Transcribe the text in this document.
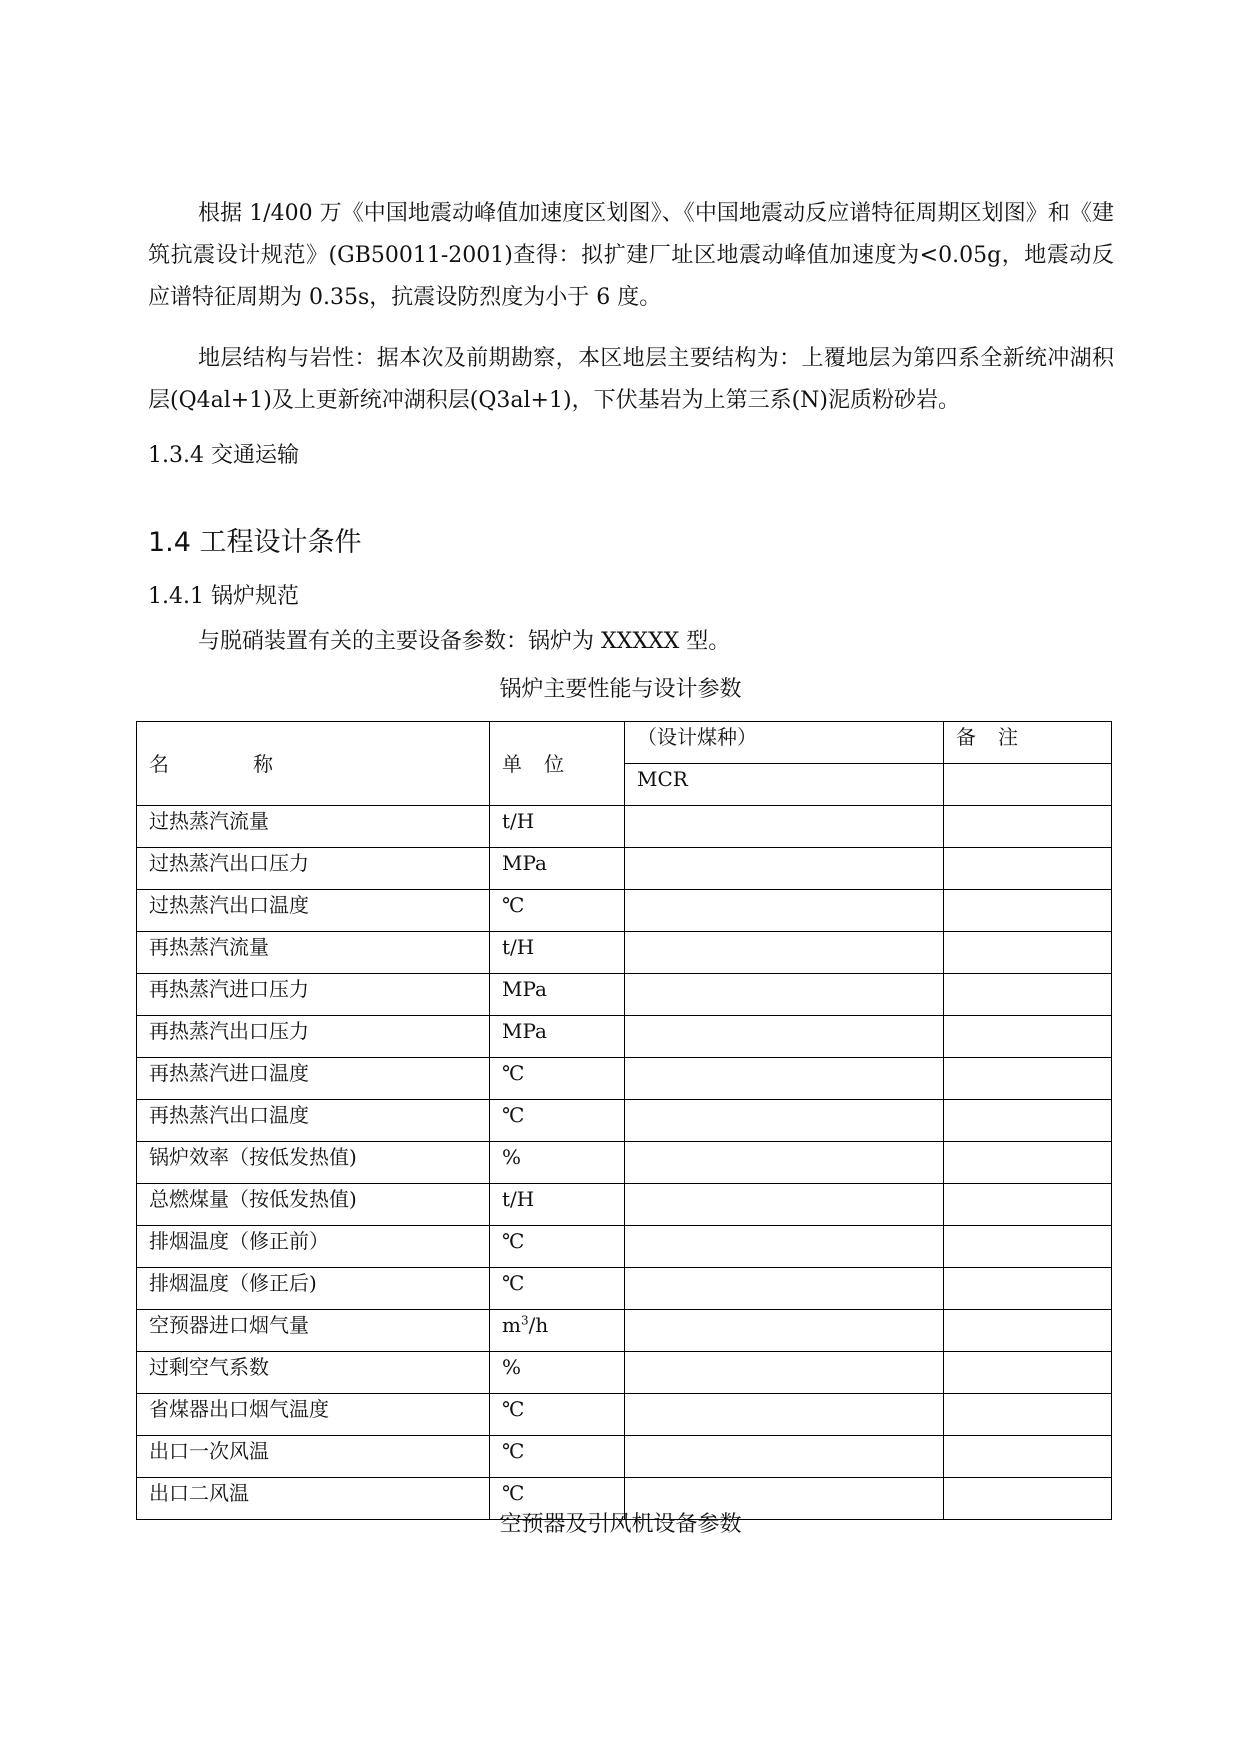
根据 1/400 万《中国地震动峰值加速度区划图》、《中国地震动反应谱特征周期区划图》和《建筑抗震设计规范》(GB50011-2001)查得：拟扩建厂址区地震动峰值加速度为<0.05g，地震动反应谱特征周期为 0.35s，抗震设防烈度为小于 6 度。

地层结构与岩性：据本次及前期勘察，本区地层主要结构为：上覆地层为第四系全新统冲湖积层(Q4al+1)及上更新统冲湖积层(Q3al+1)，下伏基岩为上第三系(N)泥质粉砂岩。

1.3.4 交通运输

1.4 工程设计条件

1.4.1 锅炉规范

与脱硝装置有关的主要设备参数：锅炉为 XXXXX 型。

锅炉主要性能与设计参数

名 称	单 位	（设计煤种）	备 注
		MCR	
过热蒸汽流量	t/H		
过热蒸汽出口压力	MPa		
过热蒸汽出口温度	℃		
再热蒸汽流量	t/H		
再热蒸汽进口压力	MPa		
再热蒸汽出口压力	MPa		
再热蒸汽进口温度	℃		
再热蒸汽出口温度	℃		
锅炉效率（按低发热值)	%		
总燃煤量（按低发热值)	t/H		
排烟温度（修正前）	℃		
排烟温度（修正后)	℃		
空预器进口烟气量	$m^3/h$		
过剩空气系数	%		
省煤器出口烟气温度	℃		
出口一次风温	℃		
出口二风温	℃		

空预器及引风机设备参数
